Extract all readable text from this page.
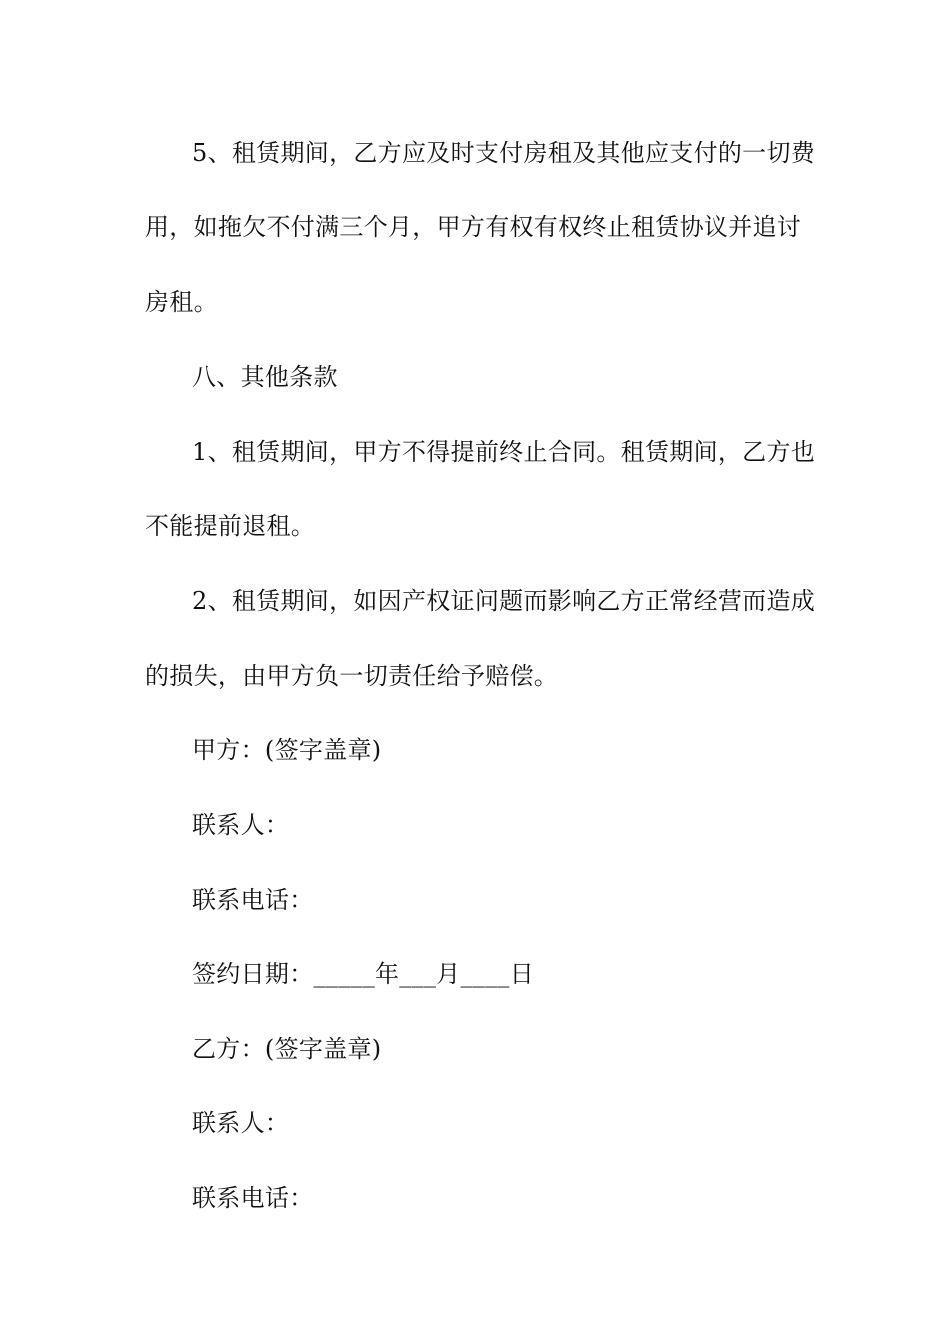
5、租赁期间，乙方应及时支付房租及其他应支付的一切费
用，如拖欠不付满三个月，甲方有权有权终止租赁协议并追讨
房租。
八、其他条款
1、租赁期间，甲方不得提前终止合同。租赁期间，乙方也
不能提前退租。
2、租赁期间，如因产权证问题而影响乙方正常经营而造成
的损失，由甲方负一切责任给予赔偿。
甲方：(签字盖章)
联系人：
联系电话：
签约日期：_____年___月____日
乙方：(签字盖章)
联系人：
联系电话：
